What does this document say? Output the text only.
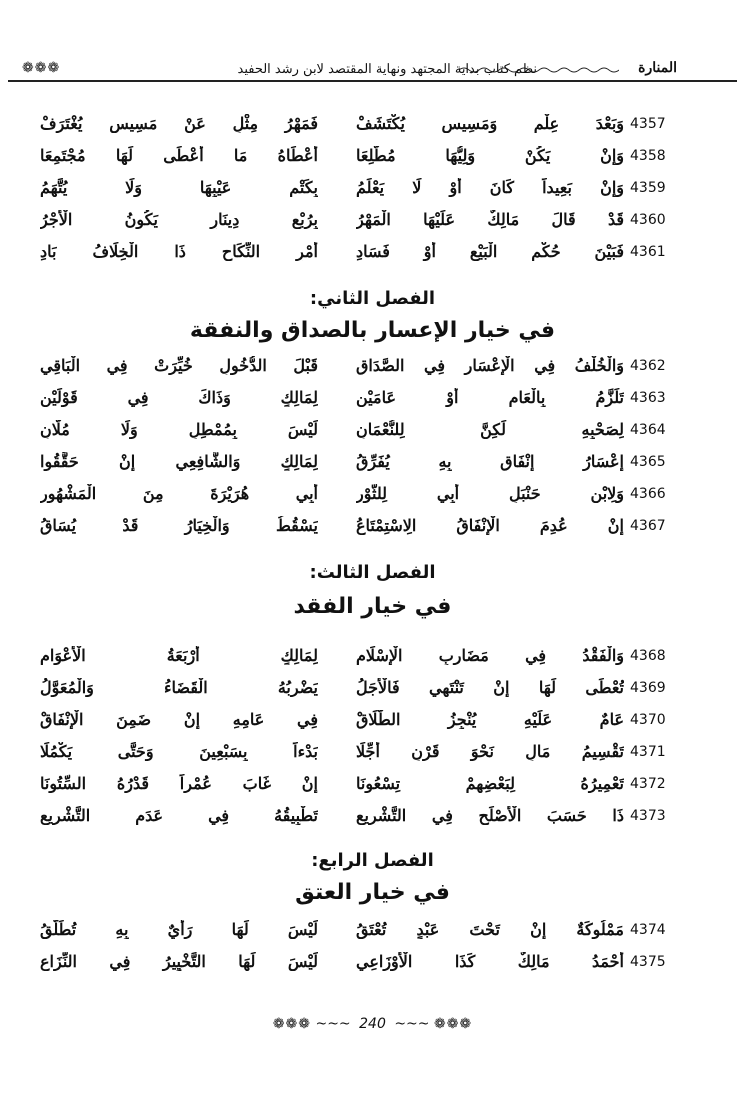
المنارة
نظم كتاب بداية المجتهد ونهاية المقتصد لابن رشد الحفيد
❁❁❁
4357
وَبَعْدَ عِلْمٍ وَمَسِيسٍ يُكْتَشَفْ
فَمَهْرُ مِثْلٍ عَنْ مَسِيسٍ يُغْتَرَفْ
4358
وَإِنْ يَكُنْ وَلِيُّهَا مُطَّلِعَا
أَعْطَاهُ مَا أَعْطَى لَهَا مُجْتَمِعَا
4359
وَإِنْ بَعِيداً كَانَ أَوْ لَا يَعْلَمُ
بِكَتْمِ عَيْبِهَا وَلَا يُتَّهَمُ
4360
قَدْ قَالَ مَالِكٌ عَلَيْهَا الْمَهْرُ
بِرُبْعِ دِينَارٍ يَكُونُ الْأَجْرُ
4361
فَبَيْنَ حُكْمِ الْبَيْعِ أَوْ فَسَادِ
أَمْرِ النِّكَاحِ ذَا الْخِلَافُ بَادِ
الفصل الثاني:
في خيار الإعسار بالصداق والنفقة
4362
وَالْخُلْفُ فِي الْإِعْسَارِ فِي الصَّدَاقِ
قَبْلَ الدُّخُولِ خُيِّرَتْ فِي الْبَاقِي
4363
تَلَزَّمُ بِالْعَامِ أَوْ عَامَيْنِ
لِمَالِكٍ وَذَاكَ فِي قَوْلَيْنِ
4364
لِصَحْبِهِ لَكِنَّ لِلنُّعْمَانِ
لَيْسَ بِمُمْطِلٍ وَلَا مُلَّانِ
4365
إِعْسَارُ إِنْفَاقٍ بِهِ يُفَرِّقُ
لِمَالِكٍ وَالشَّافِعِي إِنْ حَقَّقُوا
4366
وَلِابْنِ حَنْبَلٍ أَبِي لِلثَّوْرِ
أَبِي هُرَيْرَةَ مِنَ الْمَشْهُورِ
4367
إِنْ عُدِمَ الْإِنْفَاقُ الِاسْتِمْتَاعُ
يَسْقُطُ وَالْخِيَارُ قَدْ يُسَاقُ
الفصل الثالث:
في خيار الفقد
4368
وَالْفَقْدُ فِي مَضَارِبِ الْإِسْلَامِ
لِمَالِكٍ أَرْبَعَةُ الْأَعْوَامِ
4369
تُعْطَى لَهَا إِنْ تَنْتَهِي فَالْأَجَلُ
يَضْرِبُهُ الْقَضَاءُ وَالْمُعَوَّلُ
4370
عَامٌ عَلَيْهِ يُنْجِزُ الطَّلَاقْ
فِي عَامِهِ إِنْ ضَمِنَ الْإِنْفَاقْ
4371
تَقْسِيمُ مَالٍ نَحْوَ قَرْنٍ أُجِّلَا
بَدْءاً بِسَبْعِينَ وَحَتَّى يَكْمُلَا
4372
تَعْمِيرُهُ لِبَعْضِهِمْ تِسْعُونَا
إِنْ غَابَ عُمْراً قَدْرُهُ السِّتُونَا
4373
ذَا حَسَبَ الْأَصْلَحِ فِي التَّشْرِيعِ
تَطْبِيقُهُ فِي عَدَمِ التَّشْرِيعِ
الفصل الرابع:
في خيار العتق
4374
مَمْلُوكَةٌ إِنْ تَحْتَ عَبْدٍ تُعْتَقُ
لَيْسَ لَهَا رَأْيٌ بِهِ تُطَلَّقُ
4375
أَحْمَدُ مَالِكٌ كَذَا الْأَوْزَاعِي
لَيْسَ لَهَا التَّخْيِيرُ فِي النِّزَاعِ
❁❁❁ ~~~ 240 ~~~ ❁❁❁
